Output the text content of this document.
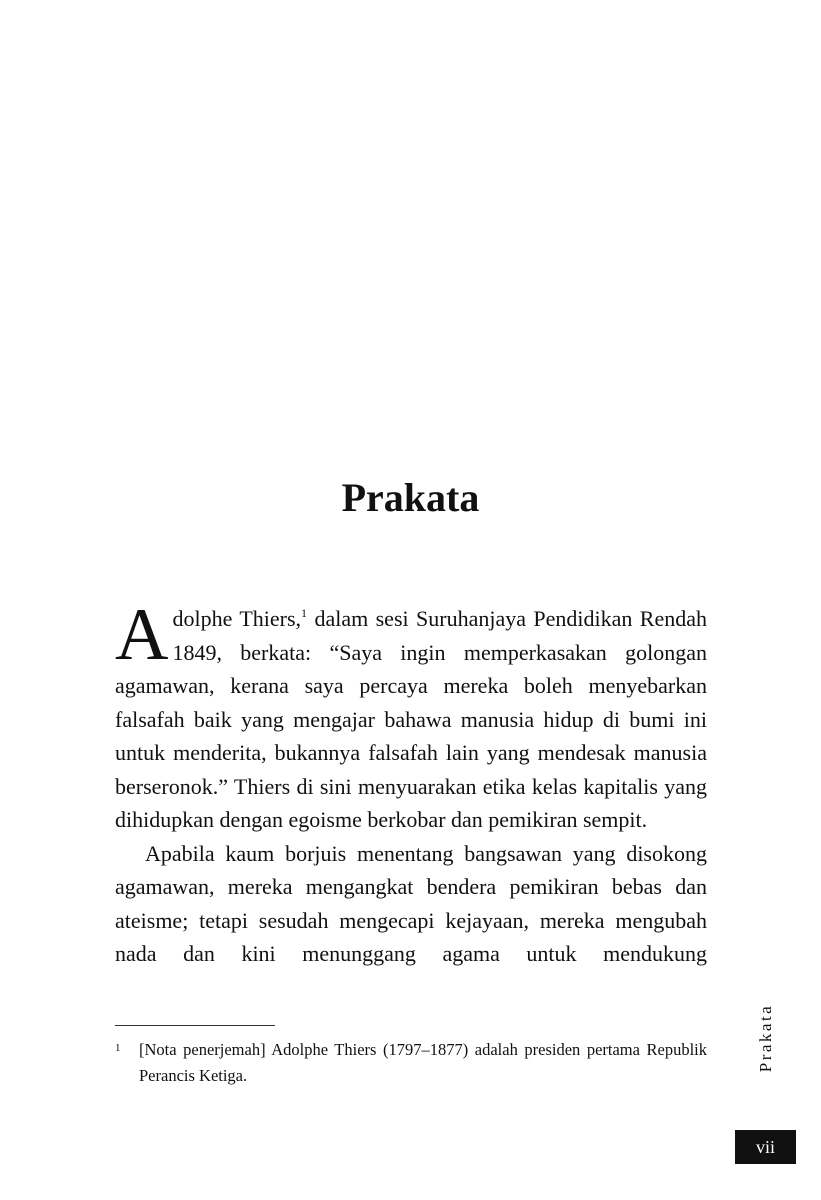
Prakata

Adolphe Thiers,$^1$ dalam sesi Suruhanjaya Pendidikan Rendah 1849, berkata: “Saya ingin memperkasakan golongan agamawan, kerana saya percaya mereka boleh menyebarkan falsafah baik yang mengajar bahawa manusia hidup di bumi ini untuk menderita, bukannya falsafah lain yang mendesak manusia berseronok.” Thiers di sini menyuarakan etika kelas kapitalis yang dihidupkan dengan egoisme berkobar dan pemikiran sempit.

Apabila kaum borjuis menentang bangsawan yang disokong agamawan, mereka mengangkat bendera pemikiran bebas dan ateisme; tetapi sesudah mengecapi kejayaan, mereka mengubah nada dan kini menunggang agama untuk mendukung

1 [Nota penerjemah] Adolphe Thiers (1797–1877) adalah presiden pertama Republik Perancis Ketiga.
Prakata
vii
